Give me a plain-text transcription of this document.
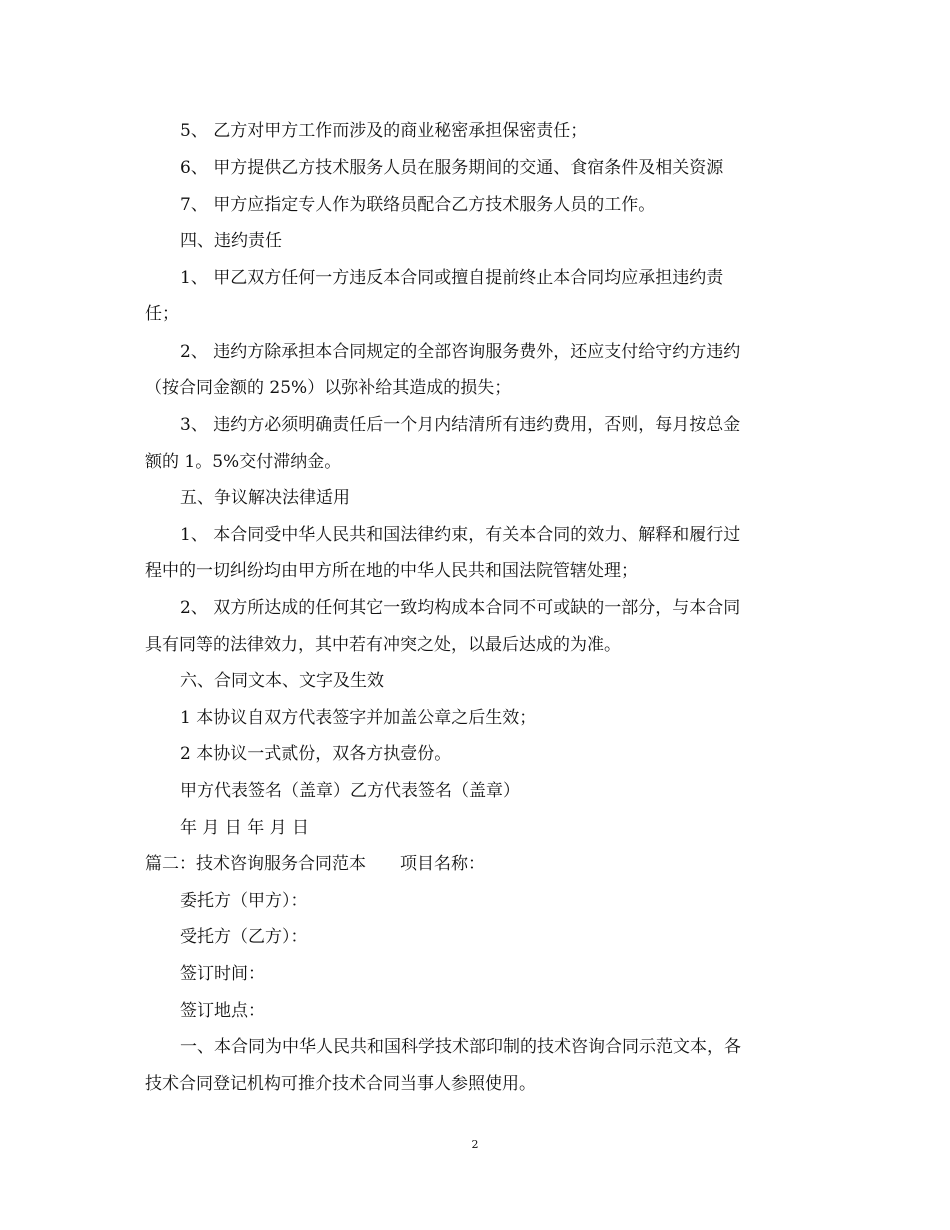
5、 乙方对甲方工作而涉及的商业秘密承担保密责任；
6、 甲方提供乙方技术服务人员在服务期间的交通、食宿条件及相关资源
7、 甲方应指定专人作为联络员配合乙方技术服务人员的工作。
四、违约责任
1、 甲乙双方任何一方违反本合同或擅自提前终止本合同均应承担违约责
任；
2、 违约方除承担本合同规定的全部咨询服务费外，还应支付给守约方违约
（按合同金额的 25%）以弥补给其造成的损失；
3、 违约方必须明确责任后一个月内结清所有违约费用，否则，每月按总金
额的 1。5%交付滞纳金。
五、争议解决法律适用
1、 本合同受中华人民共和国法律约束，有关本合同的效力、解释和履行过
程中的一切纠纷均由甲方所在地的中华人民共和国法院管辖处理；
2、 双方所达成的任何其它一致均构成本合同不可或缺的一部分，与本合同
具有同等的法律效力，其中若有冲突之处，以最后达成的为准。
六、合同文本、文字及生效
1 本协议自双方代表签字并加盖公章之后生效；
2 本协议一式贰份，双各方执壹份。
甲方代表签名（盖章）乙方代表签名（盖章）
年 月 日 年 月 日
篇二：技术咨询服务合同范本　　项目名称：
委托方（甲方）：
受托方（乙方）：
签订时间：
签订地点：
一、本合同为中华人民共和国科学技术部印制的技术咨询合同示范文本，各
技术合同登记机构可推介技术合同当事人参照使用。
2
